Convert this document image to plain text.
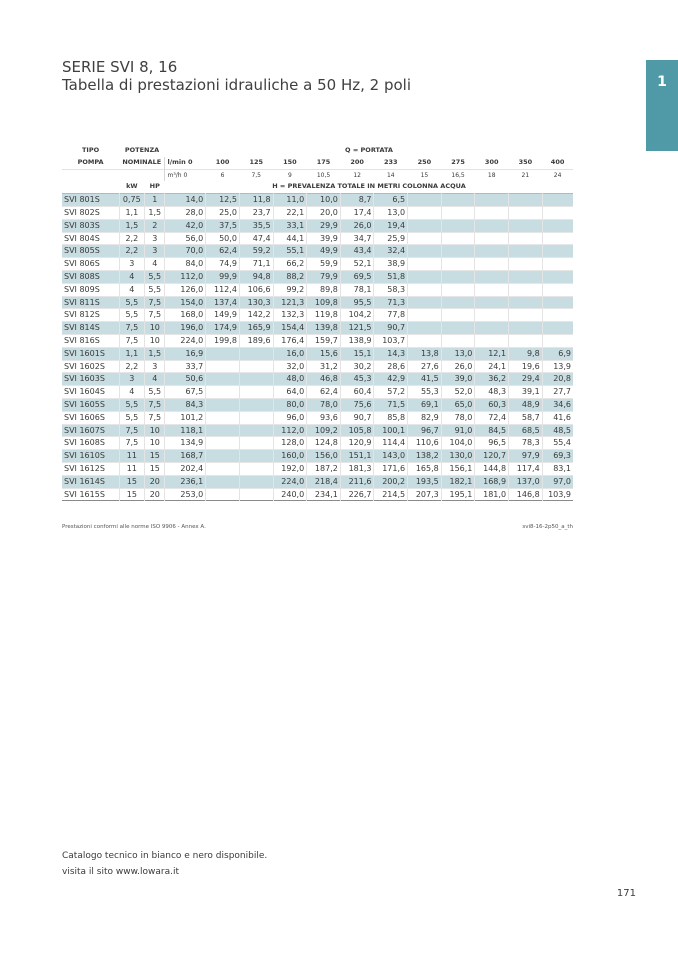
SERIE SVI 8, 16
Tabella di prestazioni idrauliche a 50 Hz, 2 poli	1
TIPO	POTENZA		Q = PORTATA											
POMPA	NOMINALE		l/min 0	100	125	150	175	200	233	250	275	300	350	400
			m³/h 0	6	7,5	9	10,5	12	14	15	16,5	18	21	24
	kW	HP	H = PREVALENZA TOTALE IN METRI COLONNA ACQUA											
SVI 801S	0,75	1	14,0	12,5	11,8	11,0	10,0	8,7	6,5					
SVI 802S	1,1	1,5	28,0	25,0	23,7	22,1	20,0	17,4	13,0					
SVI 803S	1,5	2	42,0	37,5	35,5	33,1	29,9	26,0	19,4					
SVI 804S	2,2	3	56,0	50,0	47,4	44,1	39,9	34,7	25,9					
SVI 805S	2,2	3	70,0	62,4	59,2	55,1	49,9	43,4	32,4					
SVI 806S	3	4	84,0	74,9	71,1	66,2	59,9	52,1	38,9					
SVI 808S	4	5,5	112,0	99,9	94,8	88,2	79,9	69,5	51,8					
SVI 809S	4	5,5	126,0	112,4	106,6	99,2	89,8	78,1	58,3					
SVI 811S	5,5	7,5	154,0	137,4	130,3	121,3	109,8	95,5	71,3					
SVI 812S	5,5	7,5	168,0	149,9	142,2	132,3	119,8	104,2	77,8					
SVI 814S	7,5	10	196,0	174,9	165,9	154,4	139,8	121,5	90,7					
SVI 816S	7,5	10	224,0	199,8	189,6	176,4	159,7	138,9	103,7					
SVI 1601S	1,1	1,5	16,9			16,0	15,6	15,1	14,3	13,8	13,0	12,1	9,8	6,9
SVI 1602S	2,2	3	33,7			32,0	31,2	30,2	28,6	27,6	26,0	24,1	19,6	13,9
SVI 1603S	3	4	50,6			48,0	46,8	45,3	42,9	41,5	39,0	36,2	29,4	20,8
SVI 1604S	4	5,5	67,5			64,0	62,4	60,4	57,2	55,3	52,0	48,3	39,1	27,7
SVI 1605S	5,5	7,5	84,3			80,0	78,0	75,6	71,5	69,1	65,0	60,3	48,9	34,6
SVI 1606S	5,5	7,5	101,2			96,0	93,6	90,7	85,8	82,9	78,0	72,4	58,7	41,6
SVI 1607S	7,5	10	118,1			112,0	109,2	105,8	100,1	96,7	91,0	84,5	68,5	48,5
SVI 1608S	7,5	10	134,9			128,0	124,8	120,9	114,4	110,6	104,0	96,5	78,3	55,4
SVI 1610S	11	15	168,7			160,0	156,0	151,1	143,0	138,2	130,0	120,7	97,9	69,3
SVI 1612S	11	15	202,4			192,0	187,2	181,3	171,6	165,8	156,1	144,8	117,4	83,1
SVI 1614S	15	20	236,1			224,0	218,4	211,6	200,2	193,5	182,1	168,9	137,0	97,0
SVI 1615S	15	20	253,0			240,0	234,1	226,7	214,5	207,3	195,1	181,0	146,8	103,9
Prestazioni conformi alle norme ISO 9906 - Annex A.	svi8-16-2p50_a_th
Catalogo tecnico in bianco e nero disponibile.
visita il sito www.lowara.it
171
